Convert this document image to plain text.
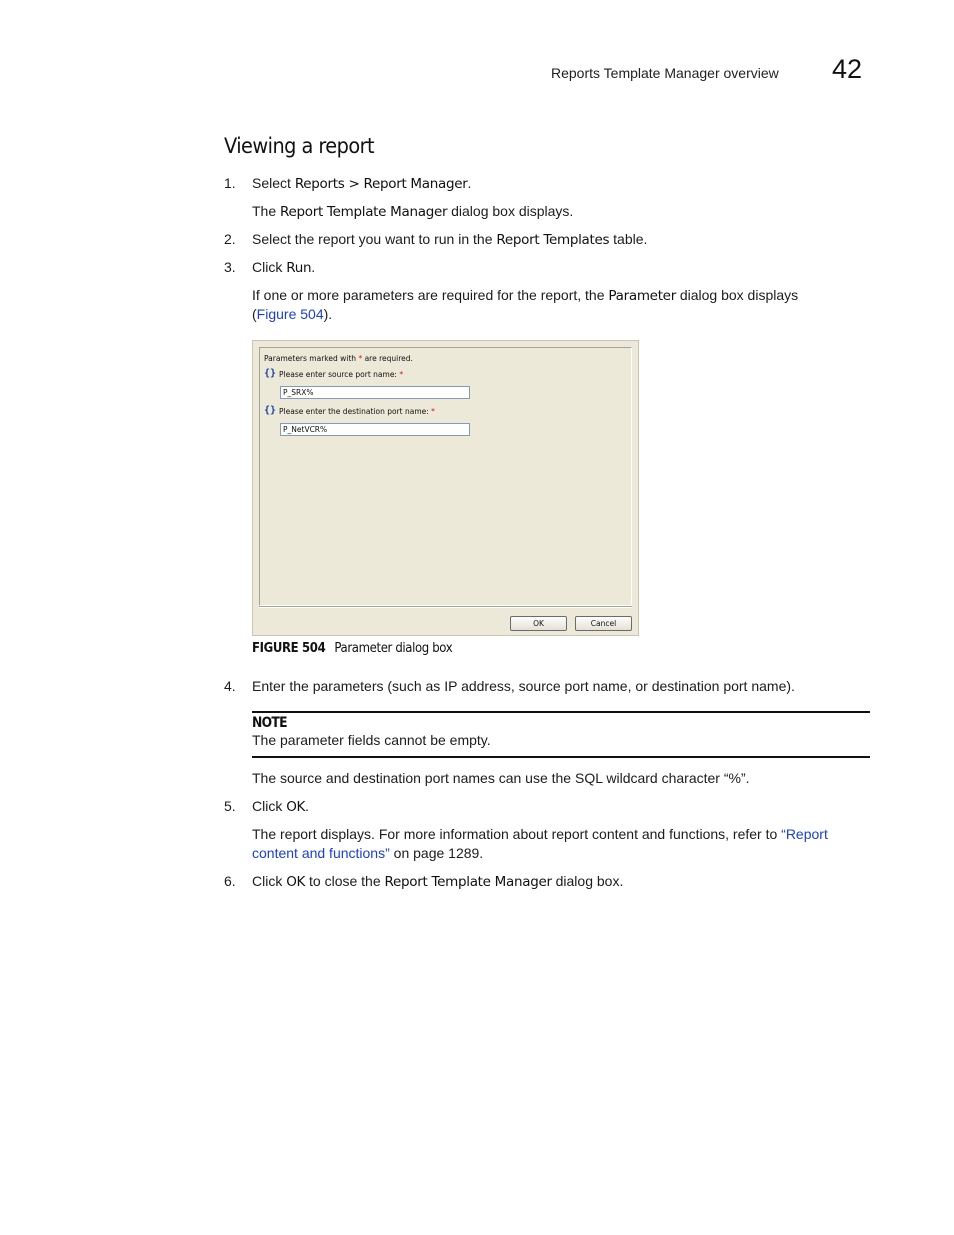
Reports Template Manager overview 42
Viewing a report
1. Select Reports > Report Manager.
The Report Template Manager dialog box displays.
2. Select the report you want to run in the Report Templates table.
3. Click Run.
If one or more parameters are required for the report, the Parameter dialog box displays
(Figure 504).
Parameters marked with * are required.
{} Please enter source port name: *
P_SRX%
{} Please enter the destination port name: *
P_NetVCR%
OK	Cancel
FIGURE 504 Parameter dialog box
4. Enter the parameters (such as IP address, source port name, or destination port name).
NOTE
The parameter fields cannot be empty.
The source and destination port names can use the SQL wildcard character “%”.
5. Click OK.
The report displays. For more information about report content and functions, refer to “Report
content and functions” on page 1289.
6. Click OK to close the Report Template Manager dialog box.
